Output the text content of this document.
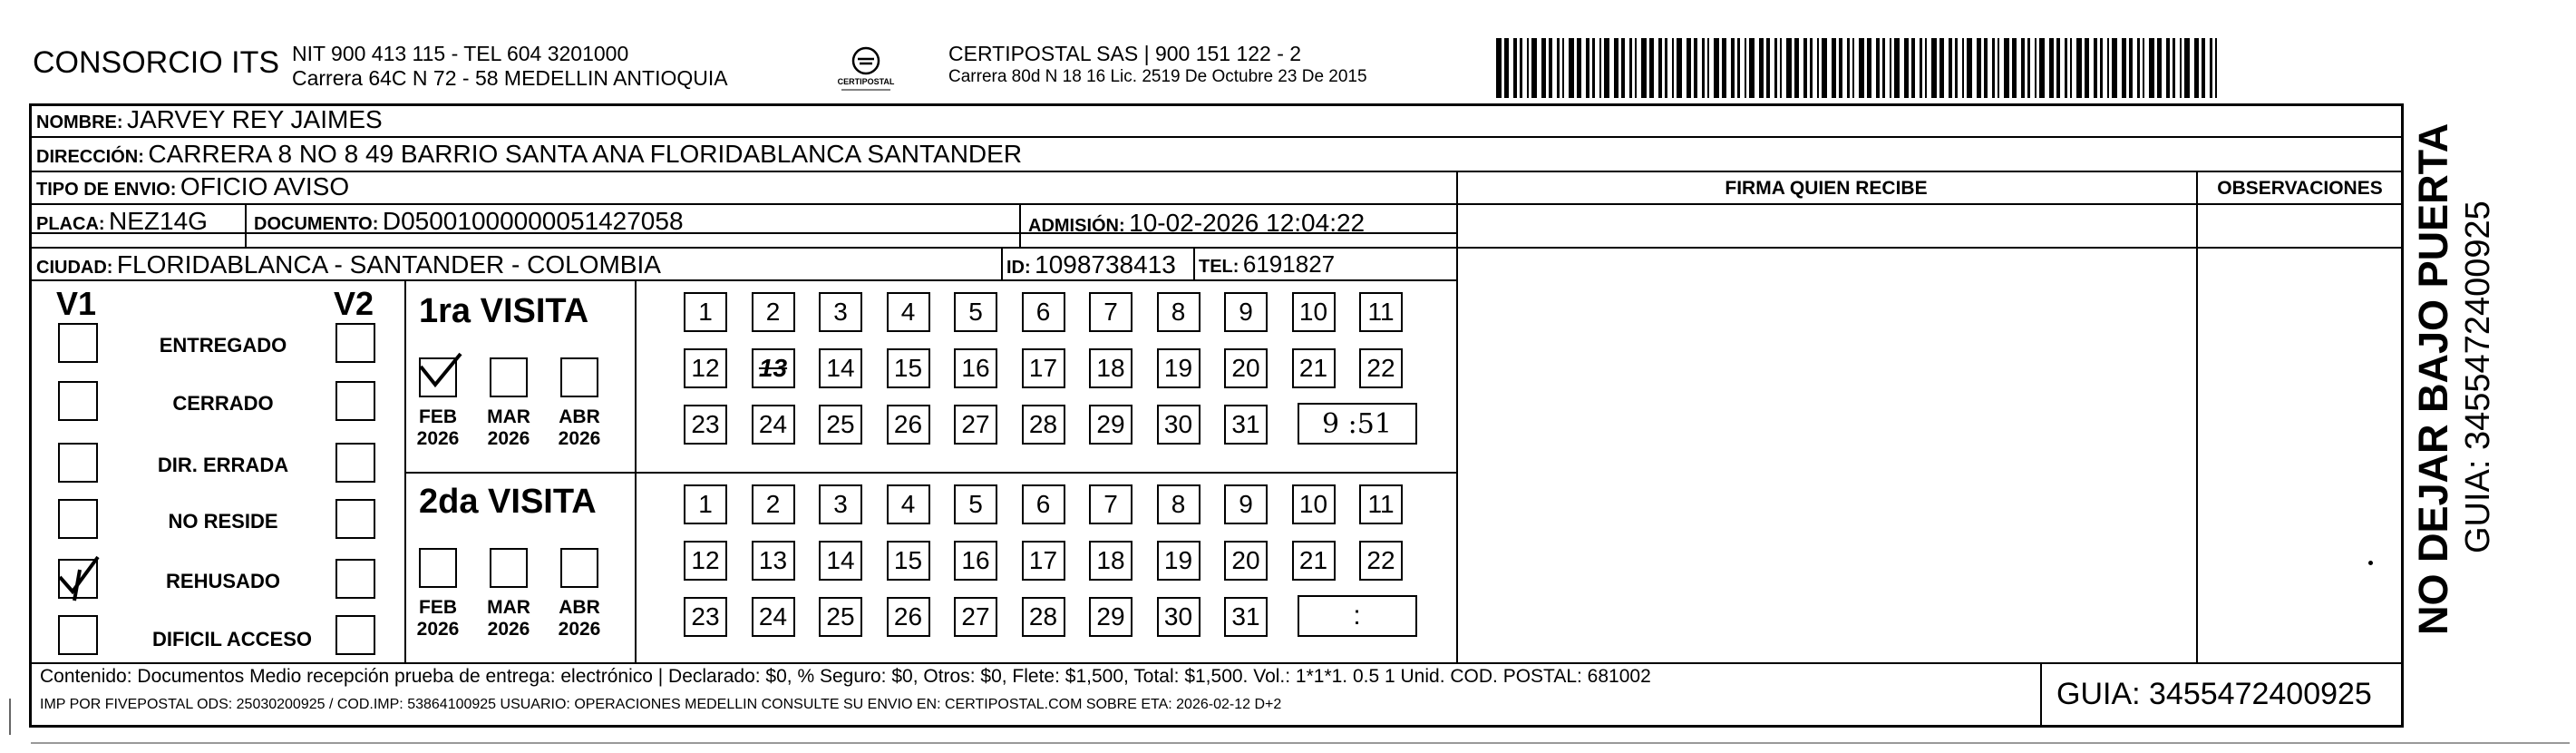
CONSORCIO ITS NIT 900 413 115 - TEL 604 3201000
Carrera 64C N 72 - 58 MEDELLIN ANTIOQUIA	CERTIPOSTAL
CERTIPOSTAL SAS | 900 151 122 - 2
Carrera 80d N 18 16 Lic. 2519 De Octubre 23 De 2015
NOMBRE: JARVEY REY JAIMES
DIRECCIÓN: CARRERA 8 NO 8 49 BARRIO SANTA ANA FLORIDABLANCA SANTANDER
TIPO DE ENVIO: OFICIO AVISO	FIRMA QUIEN RECIBE	OBSERVACIONES
PLACA: NEZ14G	DOCUMENTO: D05001000000051427058	ADMISIÓN: 10-02-2026 12:04:22
CIUDAD: FLORIDABLANCA - SANTANDER - COLOMBIA	ID: 1098738413 TEL: 6191827
V1	V2
ENTREGADO
CERRADO
DIR. ERRADA
NO RESIDE
REHUSADO
DIFICIL ACCESO
1ra VISITA
FEB
2026
MAR
2026
ABR
2026
1	2	3	4	5	6	7	8	9	10	11
12	13	14	15	16	17	18	19	20	21	22
23	24	25	26	27	28	29	30	31	9 :51
2da VISITA
FEB
2026
MAR
2026
ABR
2026
1	2	3	4	5	6	7	8	9	10	11
12	13	14	15	16	17	18	19	20	21	22
23	24	25	26	27	28	29	30	31	:
Contenido: Documentos Medio recepción prueba de entrega: electrónico | Declarado: $0, % Seguro: $0, Otros: $0, Flete: $1,500, Total: $1,500. Vol.: 1*1*1. 0.5 1 Unid. COD. POSTAL: 681002
IMP POR FIVEPOSTAL ODS: 25030200925 / COD.IMP: 53864100925 USUARIO: OPERACIONES MEDELLIN CONSULTE SU ENVIO EN: CERTIPOSTAL.COM SOBRE ETA: 2026-02-12 D+2	GUIA: 3455472400925
NO DEJAR BAJO PUERTA GUIA: 3455472400925
